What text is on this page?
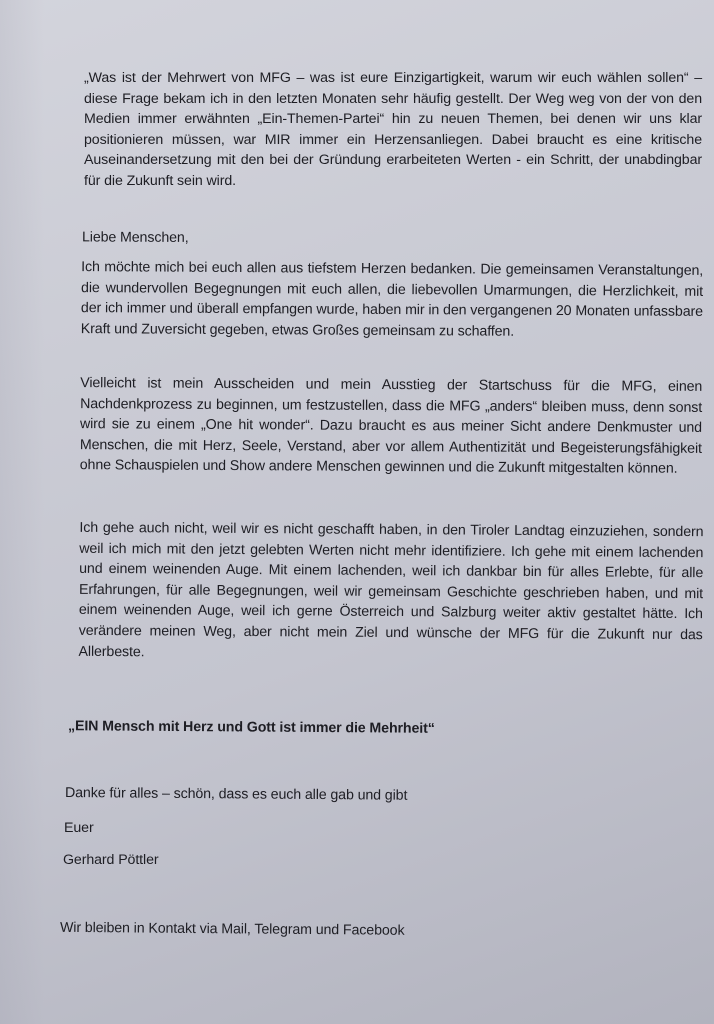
„Was ist der Mehrwert von MFG – was ist eure Einzigartigkeit, warum wir euch wählen sollen“ – diese Frage bekam ich in den letzten Monaten sehr häufig gestellt. Der Weg weg von der von den Medien immer erwähnten „Ein-Themen-Partei“ hin zu neuen Themen, bei denen wir uns klar positionieren müssen, war MIR immer ein Herzensanliegen. Dabei braucht es eine kritische Auseinandersetzung mit den bei der Gründung erarbeiteten Werten - ein Schritt, der unabdingbar für die Zukunft sein wird.

Liebe Menschen,

Ich möchte mich bei euch allen aus tiefstem Herzen bedanken. Die gemeinsamen Veranstaltungen, die wundervollen Begegnungen mit euch allen, die liebevollen Umarmungen, die Herzlichkeit, mit der ich immer und überall empfangen wurde, haben mir in den vergangenen 20 Monaten unfassbare Kraft und Zuversicht gegeben, etwas Großes gemeinsam zu schaffen.

Vielleicht ist mein Ausscheiden und mein Ausstieg der Startschuss für die MFG, einen Nachdenkprozess zu beginnen, um festzustellen, dass die MFG „anders“ bleiben muss, denn sonst wird sie zu einem „One hit wonder“. Dazu braucht es aus meiner Sicht andere Denkmuster und Menschen, die mit Herz, Seele, Verstand, aber vor allem Authentizität und Begeisterungsfähigkeit ohne Schauspielen und Show andere Menschen gewinnen und die Zukunft mitgestalten können.

Ich gehe auch nicht, weil wir es nicht geschafft haben, in den Tiroler Landtag einzuziehen, sondern weil ich mich mit den jetzt gelebten Werten nicht mehr identifiziere. Ich gehe mit einem lachenden und einem weinenden Auge. Mit einem lachenden, weil ich dankbar bin für alles Erlebte, für alle Erfahrungen, für alle Begegnungen, weil wir gemeinsam Geschichte geschrieben haben, und mit einem weinenden Auge, weil ich gerne Österreich und Salzburg weiter aktiv gestaltet hätte. Ich verändere meinen Weg, aber nicht mein Ziel und wünsche der MFG für die Zukunft nur das Allerbeste.

„EIN Mensch mit Herz und Gott ist immer die Mehrheit“

Danke für alles – schön, dass es euch alle gab und gibt

Euer

Gerhard Pöttler

Wir bleiben in Kontakt via Mail, Telegram und Facebook
